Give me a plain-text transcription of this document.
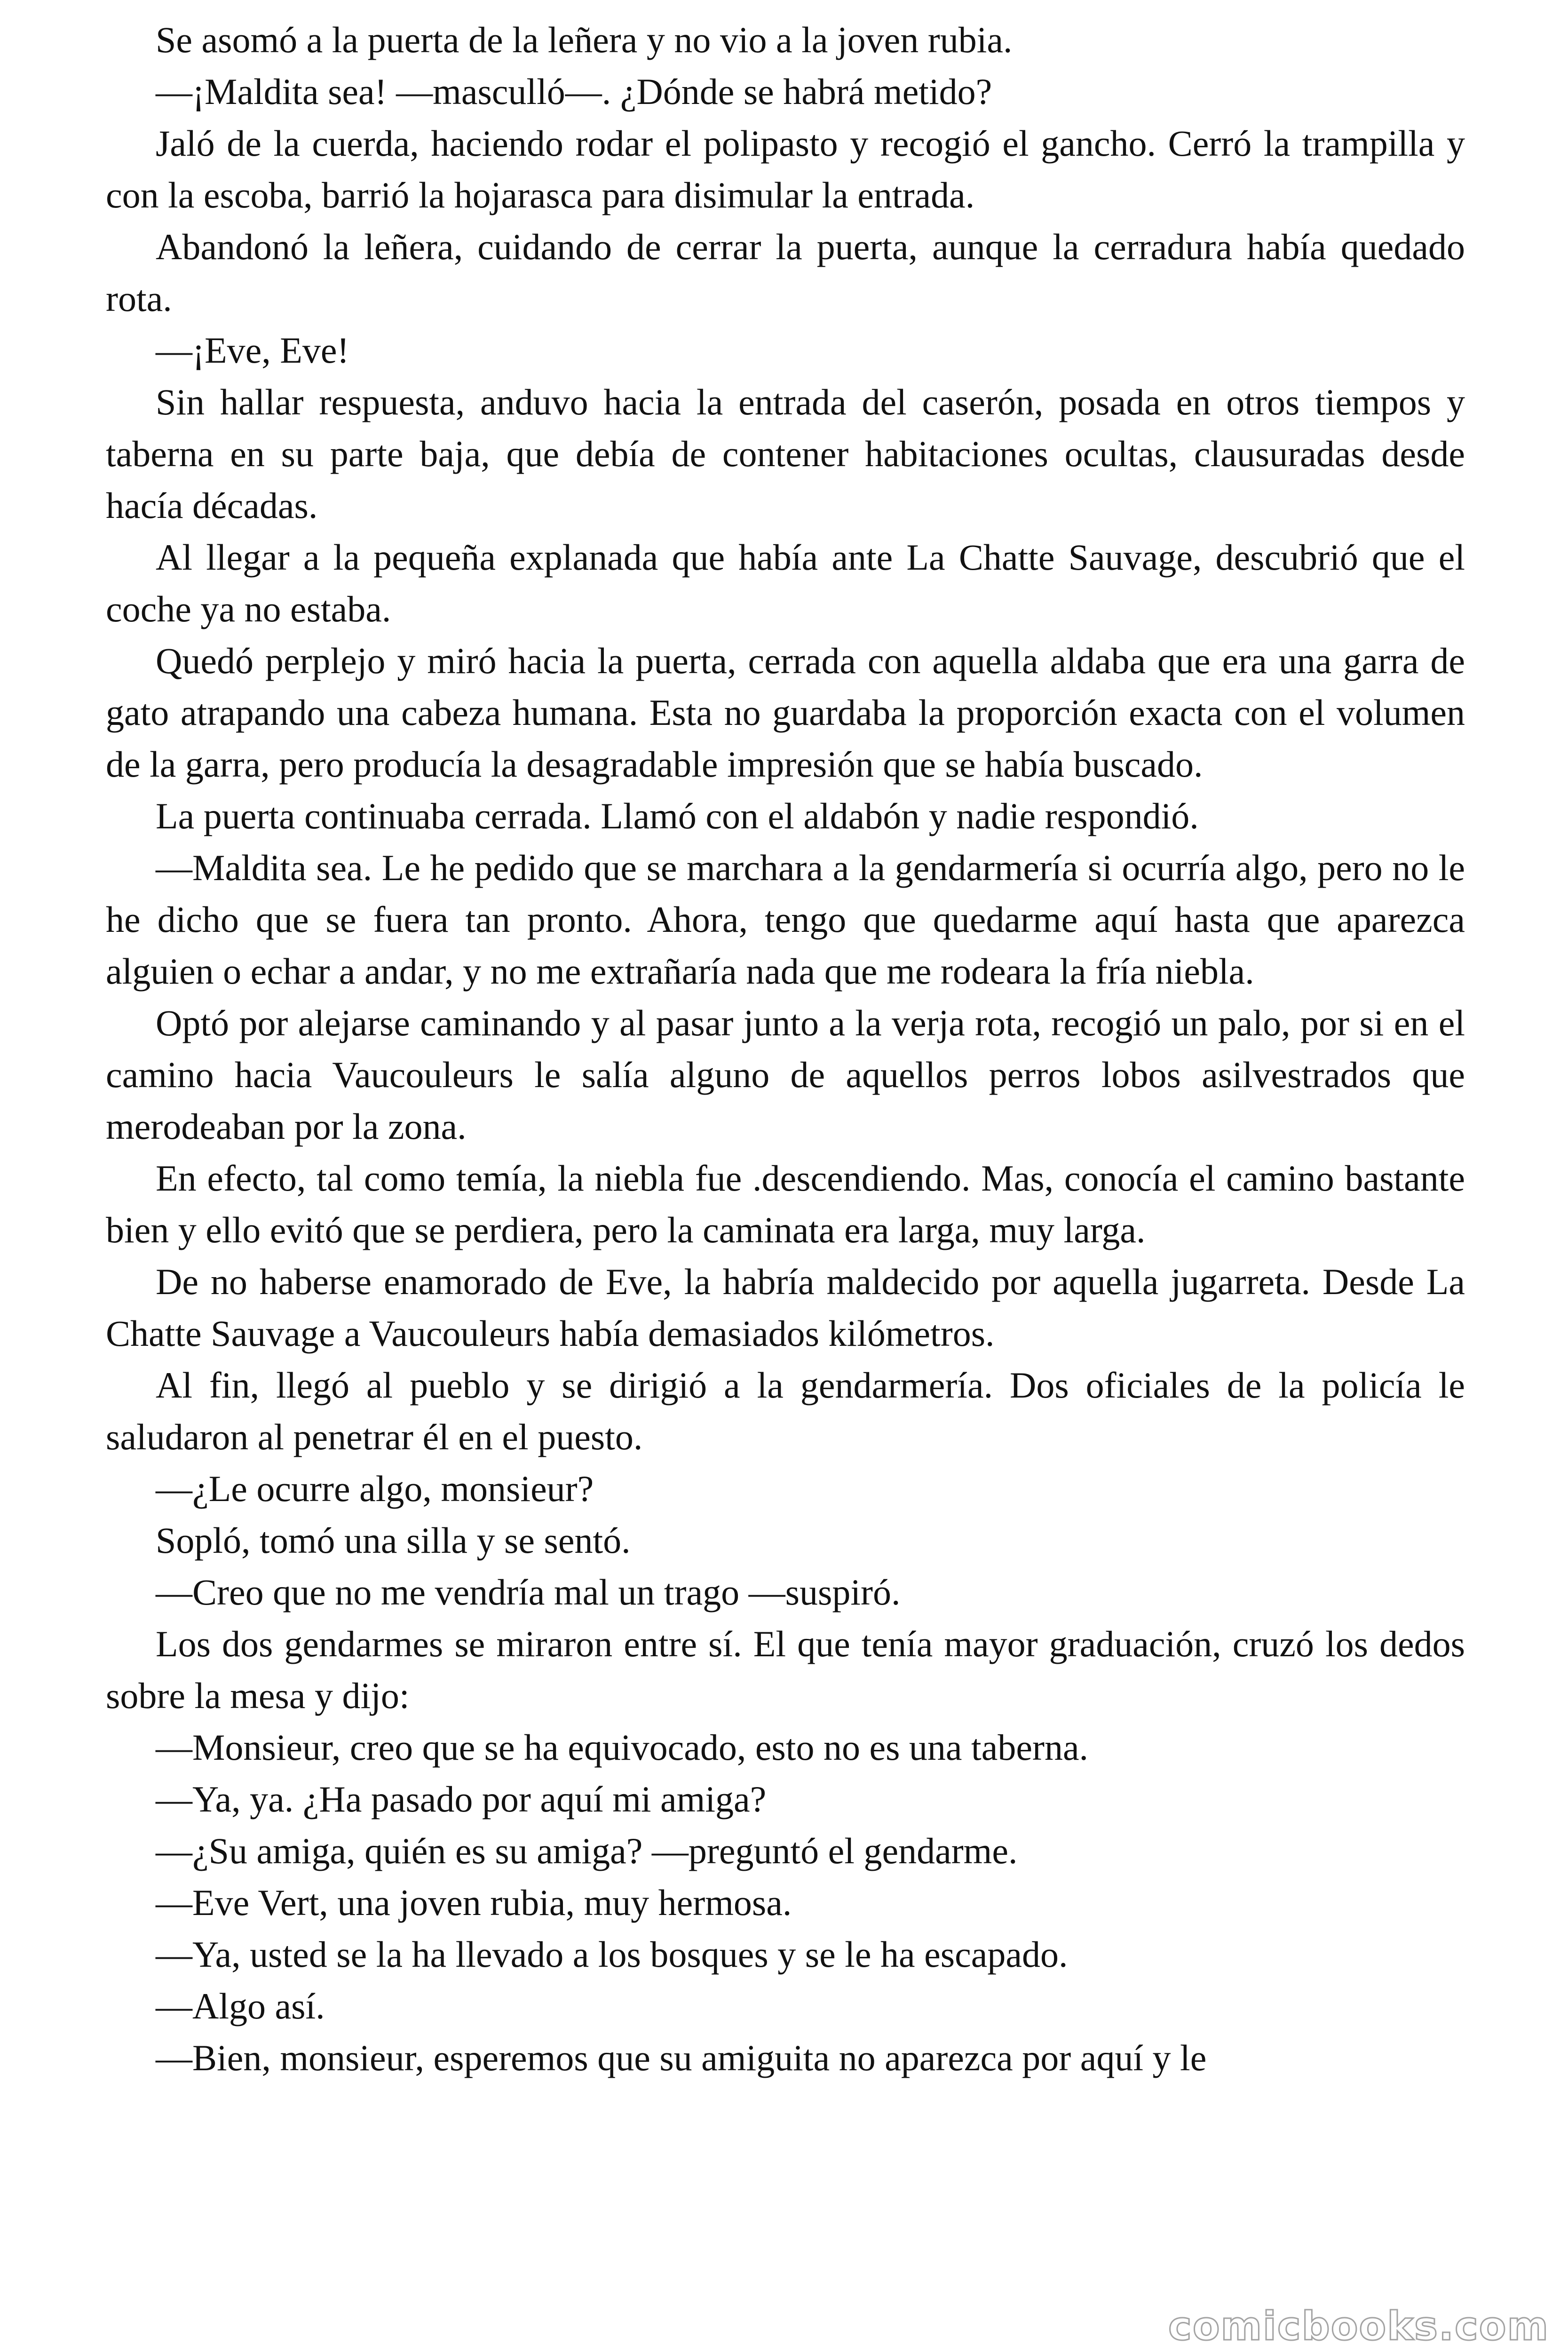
Se asomó a la puerta de la leñera y no vio a la joven rubia.

—¡Maldita sea! —masculló—. ¿Dónde se habrá metido?

Jaló de la cuerda, haciendo rodar el polipasto y recogió el gancho. Cerró la trampilla y con la escoba, barrió la hojarasca para disimular la entrada.

Abandonó la leñera, cuidando de cerrar la puerta, aunque la cerradura había quedado rota.

—¡Eve, Eve!

Sin hallar respuesta, anduvo hacia la entrada del caserón, posada en otros tiempos y taberna en su parte baja, que debía de contener habitaciones ocultas, clausuradas desde hacía décadas.

Al llegar a la pequeña explanada que había ante La Chatte Sauvage, descubrió que el coche ya no estaba.

Quedó perplejo y miró hacia la puerta, cerrada con aquella aldaba que era una garra de gato atrapando una cabeza humana. Esta no guardaba la proporción exacta con el volumen de la garra, pero producía la desagradable impresión que se había buscado.

La puerta continuaba cerrada. Llamó con el aldabón y nadie respondió.

—Maldita sea. Le he pedido que se marchara a la gendarmería si ocurría algo, pero no le he dicho que se fuera tan pronto. Ahora, tengo que quedarme aquí hasta que aparezca alguien o echar a andar, y no me extrañaría nada que me rodeara la fría niebla.

Optó por alejarse caminando y al pasar junto a la verja rota, recogió un palo, por si en el camino hacia Vaucouleurs le salía alguno de aquellos perros lobos asilvestrados que merodeaban por la zona.

En efecto, tal como temía, la niebla fue .descendiendo. Mas, conocía el camino bastante bien y ello evitó que se perdiera, pero la caminata era larga, muy larga.

De no haberse enamorado de Eve, la habría maldecido por aquella jugarreta. Desde La Chatte Sauvage a Vaucouleurs había demasiados kilómetros.

Al fin, llegó al pueblo y se dirigió a la gendarmería. Dos oficiales de la policía le saludaron al penetrar él en el puesto.

—¿Le ocurre algo, monsieur?

Sopló, tomó una silla y se sentó.

—Creo que no me vendría mal un trago —suspiró.

Los dos gendarmes se miraron entre sí. El que tenía mayor graduación, cruzó los dedos sobre la mesa y dijo:

—Monsieur, creo que se ha equivocado, esto no es una taberna.

—Ya, ya. ¿Ha pasado por aquí mi amiga?

—¿Su amiga, quién es su amiga? —preguntó el gendarme.

—Eve Vert, una joven rubia, muy hermosa.

—Ya, usted se la ha llevado a los bosques y se le ha escapado.

—Algo así.

—Bien, monsieur, esperemos que su amiguita no aparezca por aquí y le

comicbooks.com
